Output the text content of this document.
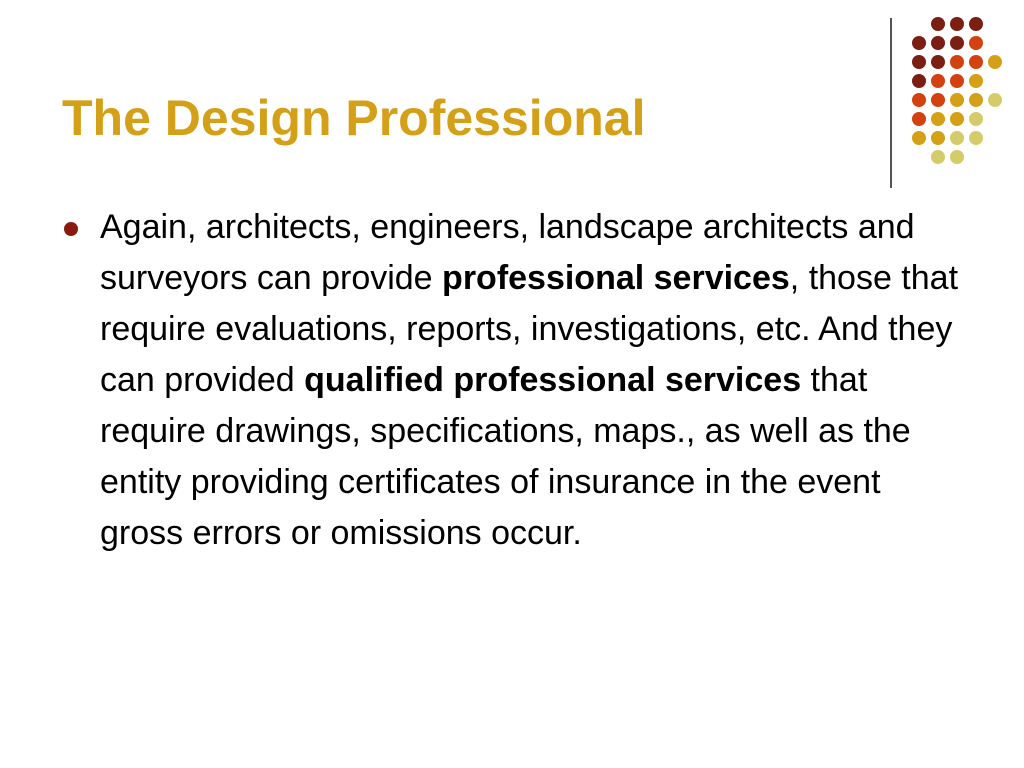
The Design Professional
Again, architects, engineers, landscape architects and surveyors can provide professional services, those that require evaluations, reports, investigations, etc. And they can provided qualified professional services that require drawings, specifications, maps., as well as the entity providing certificates of insurance in the event gross errors or omissions occur.
